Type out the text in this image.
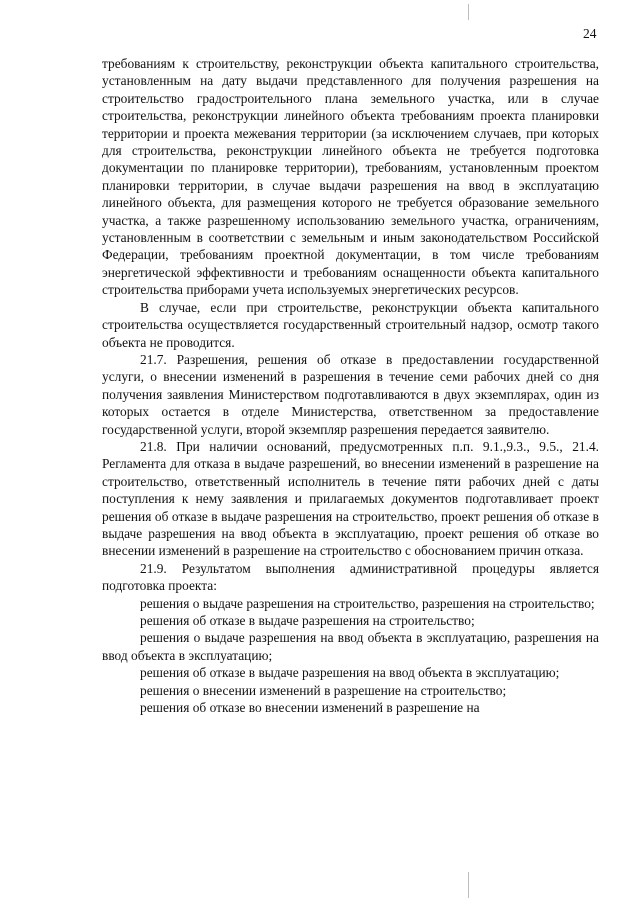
24

требованиям к строительству, реконструкции объекта капитального строительства, установленным на дату выдачи представленного для получения разрешения на строительство градостроительного плана земельного участка, или в случае строительства, реконструкции линейного объекта требованиям проекта планировки территории и проекта межевания территории (за исключением случаев, при которых для строительства, реконструкции линейного объекта не требуется подготовка документации по планировке территории), требованиям, установленным проектом планировки территории, в случае выдачи разрешения на ввод в эксплуатацию линейного объекта, для размещения которого не требуется образование земельного участка, а также разрешенному использованию земельного участка, ограничениям, установленным в соответствии с земельным и иным законодательством Российской Федерации, требованиям проектной документации, в том числе требованиям энергетической эффективности и требованиям оснащенности объекта капитального строительства приборами учета используемых энергетических ресурсов.

В случае, если при строительстве, реконструкции объекта капитального строительства осуществляется государственный строительный надзор, осмотр такого объекта не проводится.

21.7. Разрешения, решения об отказе в предоставлении государственной услуги, о внесении изменений в разрешения в течение семи рабочих дней со дня получения заявления Министерством подготавливаются в двух экземплярах, один из которых остается в отделе Министерства, ответственном за предоставление государственной услуги, второй экземпляр разрешения передается заявителю.

21.8. При наличии оснований, предусмотренных п.п. 9.1.,9.3., 9.5., 21.4. Регламента для отказа в выдаче разрешений, во внесении изменений в разрешение на строительство, ответственный исполнитель в течение пяти рабочих дней с даты поступления к нему заявления и прилагаемых документов подготавливает проект решения об отказе в выдаче разрешения на строительство, проект решения об отказе в выдаче разрешения на ввод объекта в эксплуатацию, проект решения об отказе во внесении изменений в разрешение на строительство с обоснованием причин отказа.

21.9. Результатом выполнения административной процедуры является подготовка проекта:

решения о выдаче разрешения на строительство, разрешения на строительство;

решения об отказе в выдаче разрешения на строительство;

решения о выдаче разрешения на ввод объекта в эксплуатацию, разрешения на ввод объекта в эксплуатацию;

решения об отказе в выдаче разрешения на ввод объекта в эксплуатацию;

решения о внесении изменений в разрешение на строительство;

решения об отказе во внесении изменений в разрешение на
